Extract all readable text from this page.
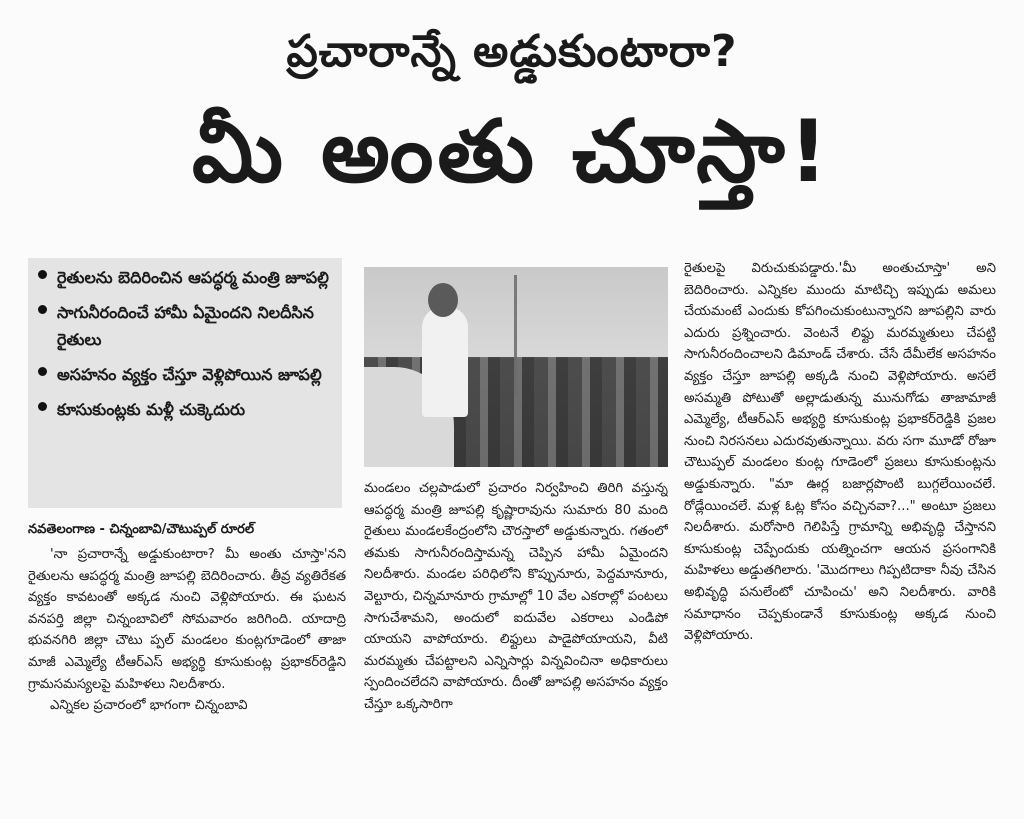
ప్రచారాన్నే అడ్డుకుంటారా?
మీ అంతు చూస్తా!
రైతులను బెదిరించిన ఆపద్ధర్మ మంత్రి జూపల్లి
సాగునీరందించే హామీ ఏమైందని నిలదీసిన రైతులు
అసహనం వ్యక్తం చేస్తూ వెళ్లిపోయిన జూపల్లి
కూసుకుంట్లకు మళ్లీ చుక్కెదురు
నవతెలంగాణ - చిన్నంబావి/చౌటుప్పల్ రూరల్
'నా ప్రచారాన్నే అడ్డుకుంటారా? మీ అంతు చూస్తా'నని రైతులను ఆపద్ధర్మ మంత్రి జూపల్లి బెదిరించారు. తీవ్ర వ్యతిరేకత వ్యక్తం కావటంతో అక్కడ నుంచి వెళ్లిపోయారు. ఈ ఘటన వనపర్తి జిల్లా చిన్నంబావిలో సోమవారం జరిగింది. యాదాద్రి భువనగిరి జిల్లా చౌటు ప్పల్ మండలం కుంట్లగూడెంలో తాజా మాజీ ఎమ్మెల్యే టీఆర్ఎస్ అభ్యర్థి కూసుకుంట్ల ప్రభాకర్‌రెడ్డిని గ్రామసమస్యలపై మహిళలు నిలదీశారు.
ఎన్నికల ప్రచారంలో భాగంగా చిన్నంబావి
మండలం చల్లపాడులో ప్రచారం నిర్వహించి తిరిగి వస్తున్న ఆపద్ధర్మ మంత్రి జూపల్లి కృష్ణారావును సుమారు 80 మంది రైతులు మండలకేంద్రంలోని చౌరస్తాలో అడ్డుకున్నారు. గతంలో తమకు సాగునీరందిస్తామన్న చెప్పిన హామీ ఏమైందని నిలదీశారు. మండల పరిధిలోని కొప్పునూరు, పెద్దమానూరు, వెల్టూరు, చిన్నమానూరు గ్రామాల్లో 10 వేల ఎకరాల్లో పంటలు సాగుచేశామని, అందులో ఐదువేల ఎకరాలు ఎండిపో యాయని వాపోయారు. లిఫ్టులు పాడైపోయాయని, వీటి మరమ్మతు చేపట్టాలని ఎన్నిసార్లు విన్నవించినా అధికారులు స్పందించలేదని వాపోయారు. దీంతో జూపల్లి అసహనం వ్యక్తం చేస్తూ ఒక్కసారిగా
రైతులపై విరుచుకుపడ్డారు.'మీ అంతుచూస్తా' అని బెదిరించారు. ఎన్నికల ముందు మాటిచ్చి ఇప్పుడు అమలు చేయమంటే ఎందుకు కోపగించుకుంటున్నారని జూపల్లిని వారు ఎదురు ప్రశ్నించారు. వెంటనే లిఫ్టు మరమ్మతులు చేపట్టి సాగునీరందించాలని డిమాండ్ చేశారు. చేసే దేమీలేక అసహనం వ్యక్తం చేస్తూ జూపల్లి అక్కడి నుంచి వెళ్లిపోయారు. అసలే అసమ్మతి పోటుతో అల్లాడుతున్న మునుగోడు తాజామాజీ ఎమ్మెల్యే, టీఆర్ఎస్ అభ్యర్థి కూసుకుంట్ల ప్రభాకర్‌రెడ్డికి ప్రజల నుంచి నిరసనలు ఎదురవుతున్నాయి. వరు సగా మూడో రోజూ చౌటుప్పల్ మండలం కుంట్ల గూడెంలో ప్రజలు కూసుకుంట్లను అడ్డుకున్నారు. "మా ఊర్ల బజార్లపొంటి బుగ్గలేయించలే. రోడ్లేయించలే. మళ్ల ఓట్ల కోసం వచ్చినవా?..." అంటూ ప్రజలు నిలదీశారు. మరోసారి గెలిపిస్తే గ్రామాన్ని అభివృద్ధి చేస్తానని కూసుకుంట్ల చెప్పేందుకు యత్నించగా ఆయన ప్రసంగానికి మహిళలు అడ్డుతగిలారు. 'మొదగాలు గిప్పటిదాకా నీవు చేసిన అభివృద్ధి పనులేంటో చూపించు' అని నిలదీశారు. వారికి సమాధానం చెప్పకుండానే కూసుకుంట్ల అక్కడ నుంచి వెళ్లిపోయారు.
